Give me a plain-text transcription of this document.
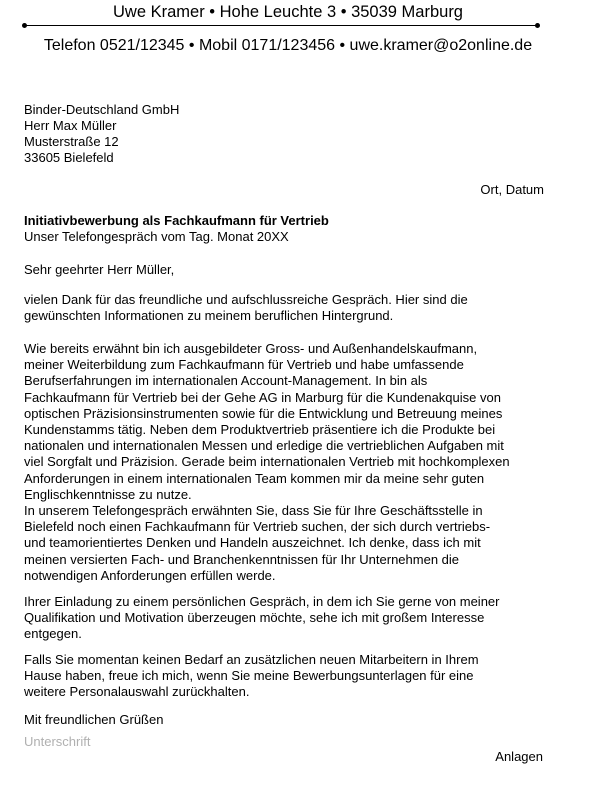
Uwe Kramer • Hohe Leuchte 3 • 35039 Marburg
Telefon 0521/12345 • Mobil 0171/123456 • uwe.kramer@o2online.de
Binder-Deutschland GmbH
Herr Max Müller
Musterstraße 12
33605 Bielefeld
Ort, Datum
Initiativbewerbung als Fachkaufmann für Vertrieb
Unser Telefongespräch vom Tag. Monat 20XX
Sehr geehrter Herr Müller,
vielen Dank für das freundliche und aufschlussreiche Gespräch. Hier sind die
gewünschten Informationen zu meinem beruflichen Hintergrund.
Wie bereits erwähnt bin ich ausgebildeter Gross- und Außenhandelskaufmann,
meiner Weiterbildung zum Fachkaufmann für Vertrieb und habe umfassende
Berufserfahrungen im internationalen Account-Management. In bin als
Fachkaufmann für Vertrieb bei der Gehe AG in Marburg für die Kundenakquise von
optischen Präzisionsinstrumenten sowie für die Entwicklung und Betreuung meines
Kundenstamms tätig. Neben dem Produktvertrieb präsentiere ich die Produkte bei
nationalen und internationalen Messen und erledige die vertrieblichen Aufgaben mit
viel Sorgfalt und Präzision. Gerade beim internationalen Vertrieb mit hochkomplexen
Anforderungen in einem internationalen Team kommen mir da meine sehr guten
Englischkenntnisse zu nutze.
In unserem Telefongespräch erwähnten Sie, dass Sie für Ihre Geschäftsstelle in
Bielefeld noch einen Fachkaufmann für Vertrieb suchen, der sich durch vertriebs-
und teamorientiertes Denken und Handeln auszeichnet. Ich denke, dass ich mit
meinen versierten Fach- und Branchenkenntnissen für Ihr Unternehmen die
notwendigen Anforderungen erfüllen werde.
Ihrer Einladung zu einem persönlichen Gespräch, in dem ich Sie gerne von meiner
Qualifikation und Motivation überzeugen möchte, sehe ich mit großem Interesse
entgegen.
Falls Sie momentan keinen Bedarf an zusätzlichen neuen Mitarbeitern in Ihrem
Hause haben, freue ich mich, wenn Sie meine Bewerbungsunterlagen für eine
weitere Personalauswahl zurückhalten.
Mit freundlichen Grüßen
Unterschrift
Anlagen
